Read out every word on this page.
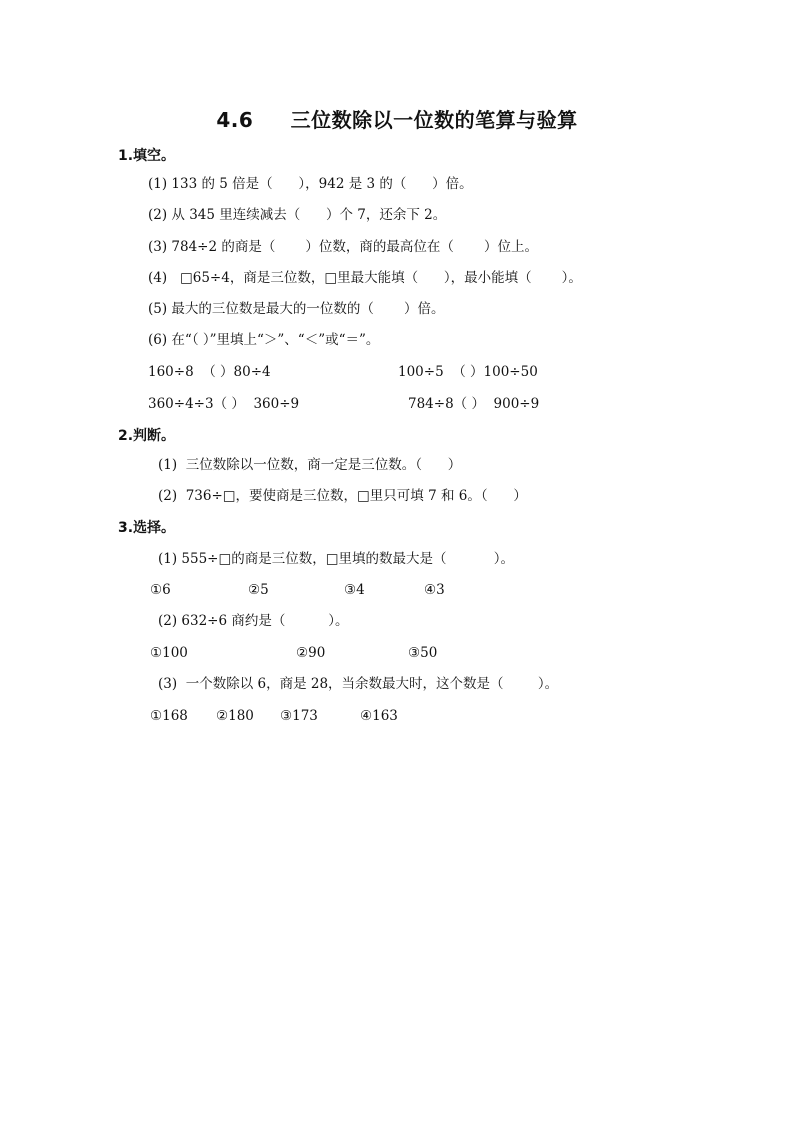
4.6     三位数除以一位数的笔算与验算
1.填空。
(1) 133 的 5 倍是（      ），942 是 3 的（      ）倍。
(2) 从 345 里连续减去（      ）个 7，还余下 2。
(3) 784÷2 的商是（       ）位数，商的最高位在（       ）位上。
(4)   □65÷4，商是三位数，□里最大能填（      ），最小能填（       ）。
(5) 最大的三位数是最大的一位数的（       ）倍。
(6) 在“（ ）”里填上“＞”、“＜”或“＝”。
160÷8  （ ）80÷4	100÷5  （ ）100÷50
360÷4÷3（ ）  360÷9	784÷8（ ）  900÷9
2.判断。
(1)  三位数除以一位数，商一定是三位数。（      ）
(2)  736÷□，要使商是三位数，□里只可填 7 和 6。（      ）
3.选择。
(1) 555÷□的商是三位数，□里填的数最大是（           ）。
①6	②5	③4	④3
(2) 632÷6 商约是（          ）。
①100	②90	③50
(3)  一个数除以 6，商是 28，当余数最大时，这个数是（        ）。
①168 ②180 ③173	④163
